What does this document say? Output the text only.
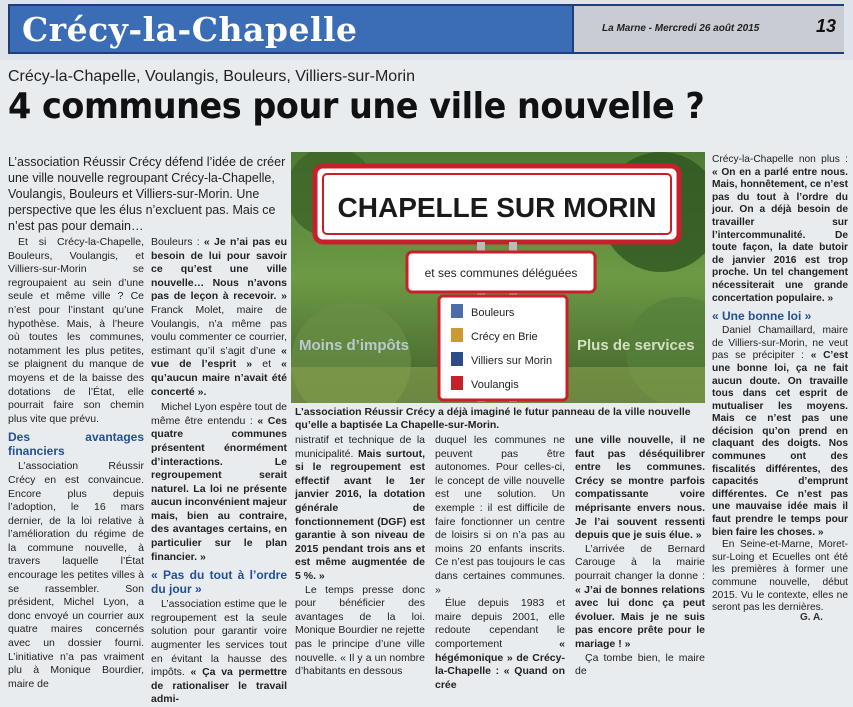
Crécy-la-Chapelle	La Marne - Mercredi 26 août 2015	13
Crécy-la-Chapelle, Voulangis, Bouleurs, Villiers-sur-Morin
4 communes pour une ville nouvelle ?
L’association Réussir Crécy défend l’idée de créer une ville nouvelle regroupant Crécy-la-Chapelle, Voulangis, Bouleurs et Villiers-sur-Morin. Une perspective que les élus n’excluent pas. Mais ce n’est pas pour demain…

Et si Crécy-la-Chapelle, Bouleurs, Voulangis, et Villiers-sur-Morin se regroupaient au sein d’une seule et même ville ? Ce n’est pour l’instant qu’une hypothèse. Mais, à l’heure où toutes les communes, notamment les plus petites, se plaignent du manque de moyens et de la baisse des dotations de l’État, elle pourrait faire son chemin plus vite que prévu.

Des avantages financiers

L’association Réussir Crécy en est convaincue. Encore plus depuis l’adoption, le 16 mars dernier, de la loi relative à l’amélioration du régime de la commune nouvelle, à travers laquelle l’État encourage les petites villes à se rassembler. Son président, Michel Lyon, a donc envoyé un courrier aux quatre maires concernés avec un dossier fourni. L’initiative n’a pas vraiment plu à Monique Bourdier, maire de

Bouleurs : « Je n’ai pas eu besoin de lui pour savoir ce qu’est une ville nouvelle… Nous n’avons pas de leçon à recevoir. » Franck Molet, maire de Voulangis, n’a même pas voulu commenter ce courrier, estimant qu’il s’agit d’une « vue de l’esprit » et « qu’aucun maire n’avait été concerté ».

Michel Lyon espère tout de même être entendu : « Ces quatre communes présentent énormément d’interactions. Le regroupement serait naturel. La loi ne présente aucun inconvénient majeur mais, bien au contraire, des avantages certains, en particulier sur le plan financier. »

« Pas du tout à l’ordre du jour »

L’association estime que le regroupement est la seule solution pour garantir voire augmenter les services tout en évitant la hausse des impôts. « Ça va permettre de rationaliser le travail admi-

CHAPELLE SUR MORIN
et ses communes déléguées
Bouleurs
Crécy en Brie
Villiers sur Morin
Voulangis
Moins d’impôts	Plus de services
L’association Réussir Crécy a déjà imaginé le futur panneau de la ville nouvelle qu’elle a baptisée La Chapelle-sur-Morin.

nistratif et technique de la municipalité. Mais surtout, si le regroupement est effectif avant le 1er janvier 2016, la dotation générale de fonctionnement (DGF) est garantie à son niveau de 2015 pendant trois ans et est même augmentée de 5 %. »

Le temps presse donc pour bénéficier des avantages de la loi. Monique Bourdier ne rejette pas le principe d’une ville nouvelle. « Il y a un nombre d’habitants en dessous

duquel les communes ne peuvent pas être autonomes. Pour celles-ci, le concept de ville nouvelle est une solution. Un exemple : il est difficile de faire fonctionner un centre de loisirs si on n’a pas au moins 20 enfants inscrits. Ce n’est pas toujours le cas dans certaines communes. »

Élue depuis 1983 et maire depuis 2001, elle redoute cependant le comportement « hégémonique » de Crécy-la-Chapelle : « Quand on crée

une ville nouvelle, il ne faut pas déséquilibrer entre les communes. Crécy se montre parfois compatissante voire méprisante envers nous. Je l’ai souvent ressenti depuis que je suis élue. »

L’arrivée de Bernard Carouge à la mairie pourrait changer la donne : « J’ai de bonnes relations avec lui donc ça peut évoluer. Mais je ne suis pas encore prête pour le mariage ! »

Ça tombe bien, le maire de

Crécy-la-Chapelle non plus : « On en a parlé entre nous. Mais, honnêtement, ce n’est pas du tout à l’ordre du jour. On a déjà besoin de travailler sur l’intercommunalité. De toute façon, la date butoir de janvier 2016 est trop proche. Un tel changement nécessiterait une grande concertation populaire. »

« Une bonne loi »

Daniel Chamaillard, maire de Villiers-sur-Morin, ne veut pas se précipiter : « C’est une bonne loi, ça ne fait aucun doute. On travaille tous dans cet esprit de mutualiser les moyens. Mais ce n’est pas une décision qu’on prend en claquant des doigts. Nos communes ont des fiscalités différentes, des capacités d’emprunt différentes. Ce n’est pas une mauvaise idée mais il faut prendre le temps pour bien faire les choses. »

En Seine-et-Marne, Moret-sur-Loing et Ecuelles ont été les premières à former une commune nouvelle, début 2015. Vu le contexte, elles ne seront pas les dernières.

G. A.
